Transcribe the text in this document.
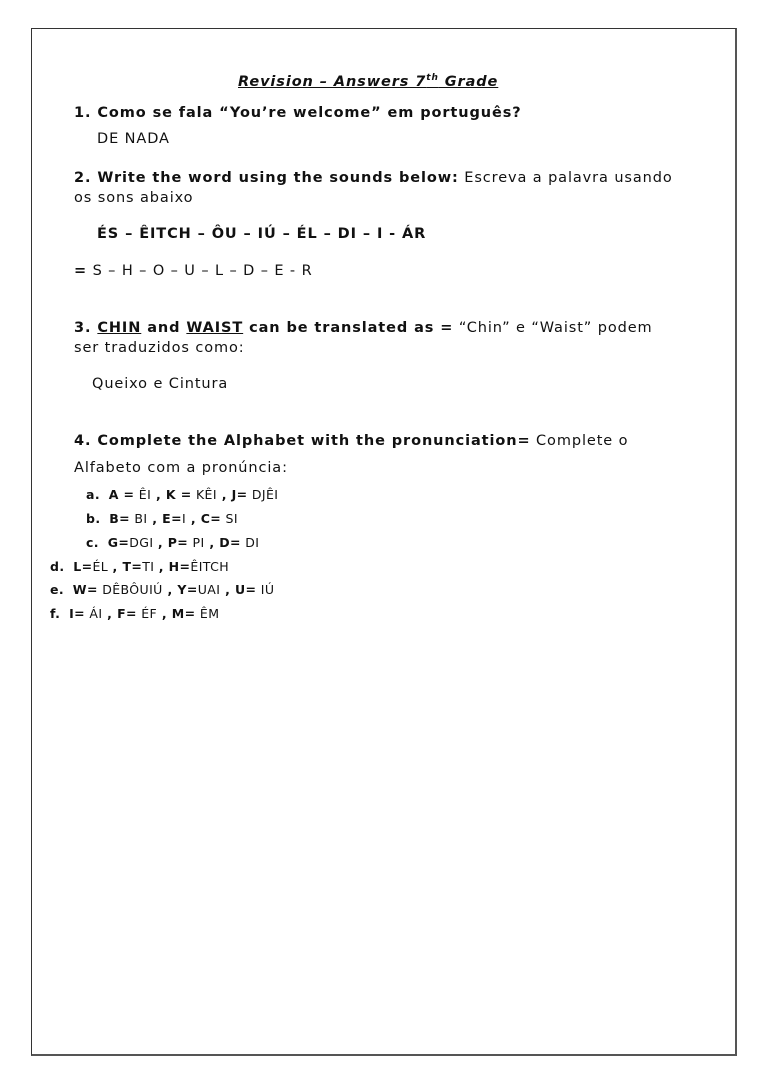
Revision – Answers 7th Grade
1. Como se fala “You’re welcome” em português?
DE NADA
2. Write the word using the sounds below: Escreva a palavra usando
os sons abaixo
ÉS – ÊITCH – ÔU – IÚ – ÉL – DI – I - ÁR
= S – H – O – U – L – D – E - R
3. CHIN and WAIST can be translated as = “Chin” e “Waist” podem
ser traduzidos como:
Queixo e Cintura
4. Complete the Alphabet with the pronunciation= Complete o
Alfabeto com a pronúncia:
a. A = ÊI , K = KÊI , J= DJÊI
b. B= BI , E=I , C= SI
c. G=DGI , P= PI , D= DI
d. L=ÉL , T=TI , H=ÊITCH
e. W= DÊBÔUIÚ , Y=UAI , U= IÚ
f. I= ÁI , F= ÉF , M= ÊM
